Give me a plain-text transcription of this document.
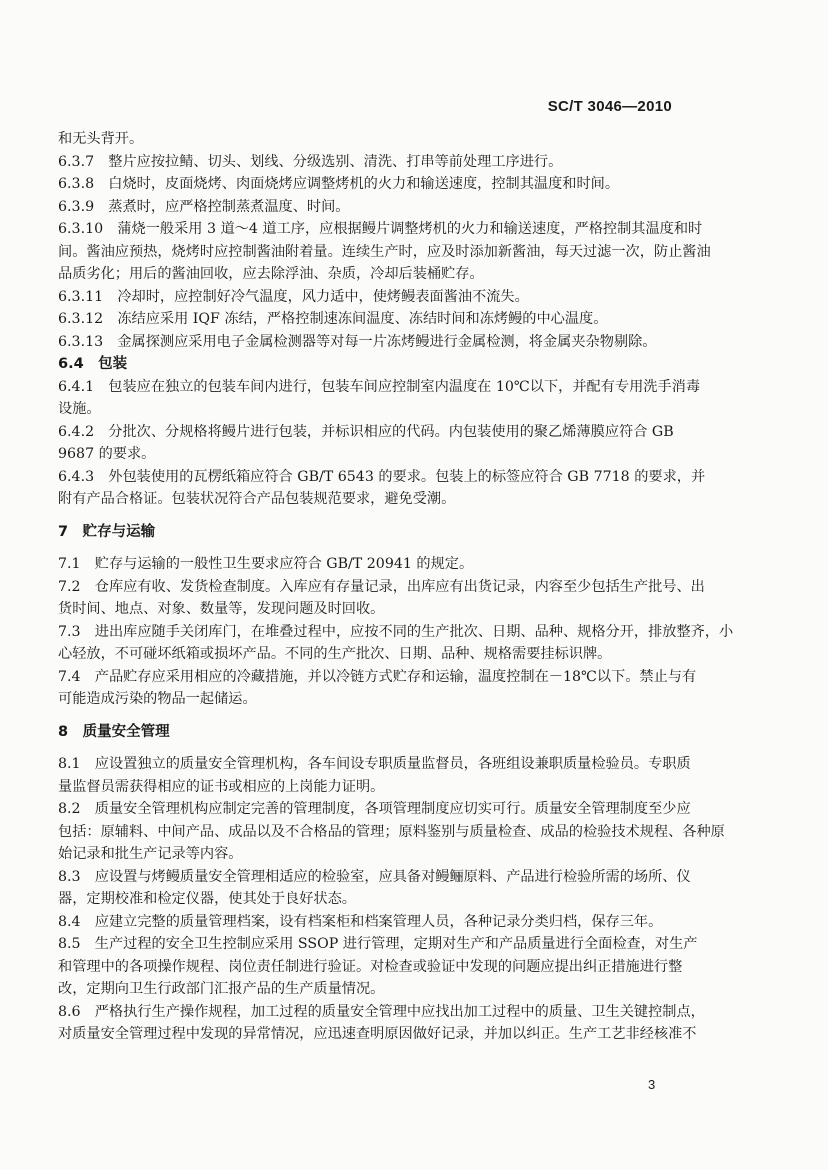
SC/T 3046—2010
和无头背开。
6.3.7 整片应按拉鲭、切头、划线、分级选别、清洗、打串等前处理工序进行。
6.3.8 白烧时，皮面烧烤、肉面烧烤应调整烤机的火力和输送速度，控制其温度和时间。
6.3.9 蒸煮时，应严格控制蒸煮温度、时间。
6.3.10 蒲烧一般采用 3 道～4 道工序，应根据鳗片调整烤机的火力和输送速度，严格控制其温度和时
间。酱油应预热，烧烤时应控制酱油附着量。连续生产时，应及时添加新酱油，每天过滤一次，防止酱油
品质劣化；用后的酱油回收，应去除浮油、杂质，冷却后装桶贮存。
6.3.11 冷却时，应控制好冷气温度，风力适中，使烤鳗表面酱油不流失。
6.3.12 冻结应采用 IQF 冻结，严格控制速冻间温度、冻结时间和冻烤鳗的中心温度。
6.3.13 金属探测应采用电子金属检测器等对每一片冻烤鳗进行金属检测，将金属夹杂物剔除。
6.4 包装
6.4.1 包装应在独立的包装车间内进行，包装车间应控制室内温度在 10℃以下，并配有专用洗手消毒
设施。
6.4.2 分批次、分规格将鳗片进行包装，并标识相应的代码。内包装使用的聚乙烯薄膜应符合 GB
9687 的要求。
6.4.3 外包装使用的瓦楞纸箱应符合 GB/T 6543 的要求。包装上的标签应符合 GB 7718 的要求，并
附有产品合格证。包装状况符合产品包装规范要求，避免受潮。
7 贮存与运输
7.1 贮存与运输的一般性卫生要求应符合 GB/T 20941 的规定。
7.2 仓库应有收、发货检查制度。入库应有存量记录，出库应有出货记录，内容至少包括生产批号、出
货时间、地点、对象、数量等，发现问题及时回收。
7.3 进出库应随手关闭库门，在堆叠过程中，应按不同的生产批次、日期、品种、规格分开，排放整齐，小
心轻放，不可碰坏纸箱或损坏产品。不同的生产批次、日期、品种、规格需要挂标识牌。
7.4 产品贮存应采用相应的冷藏措施，并以冷链方式贮存和运输，温度控制在－18℃以下。禁止与有
可能造成污染的物品一起储运。
8 质量安全管理
8.1 应设置独立的质量安全管理机构，各车间设专职质量监督员，各班组设兼职质量检验员。专职质
量监督员需获得相应的证书或相应的上岗能力证明。
8.2 质量安全管理机构应制定完善的管理制度，各项管理制度应切实可行。质量安全管理制度至少应
包括：原辅料、中间产品、成品以及不合格品的管理；原料鉴别与质量检查、成品的检验技术规程、各种原
始记录和批生产记录等内容。
8.3 应设置与烤鳗质量安全管理相适应的检验室，应具备对鳗鲡原料、产品进行检验所需的场所、仪
器，定期校准和检定仪器，使其处于良好状态。
8.4 应建立完整的质量管理档案，设有档案柜和档案管理人员，各种记录分类归档，保存三年。
8.5 生产过程的安全卫生控制应采用 SSOP 进行管理，定期对生产和产品质量进行全面检查，对生产
和管理中的各项操作规程、岗位责任制进行验证。对检查或验证中发现的问题应提出纠正措施进行整
改，定期向卫生行政部门汇报产品的生产质量情况。
8.6 严格执行生产操作规程，加工过程的质量安全管理中应找出加工过程中的质量、卫生关键控制点，
对质量安全管理过程中发现的异常情况，应迅速查明原因做好记录，并加以纠正。生产工艺非经核准不
3
